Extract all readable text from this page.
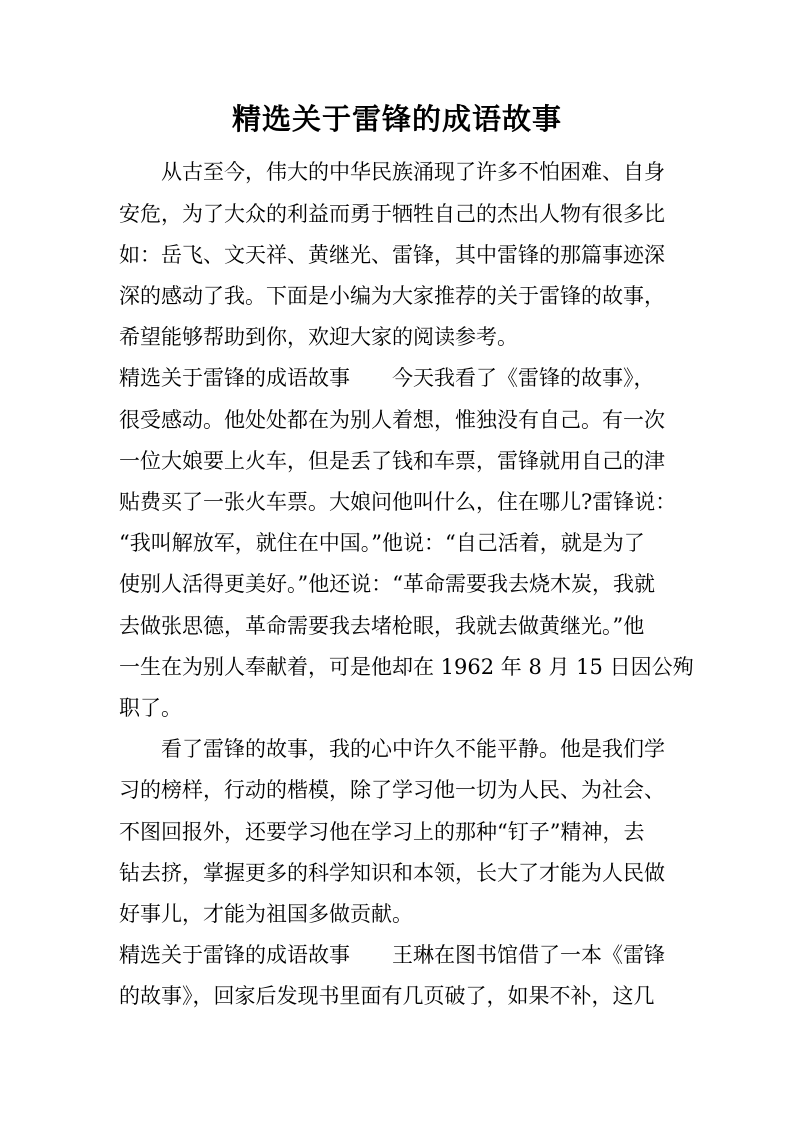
精选关于雷锋的成语故事

从古至今，伟大的中华民族涌现了许多不怕困难、自身

安危，为了大众的利益而勇于牺牲自己的杰出人物有很多比

如：岳飞、文天祥、黄继光、雷锋，其中雷锋的那篇事迹深

深的感动了我。下面是小编为大家推荐的关于雷锋的故事，

希望能够帮助到你，欢迎大家的阅读参考。

精选关于雷锋的成语故事　　今天我看了《雷锋的故事》，

很受感动。他处处都在为别人着想，惟独没有自己。有一次

一位大娘要上火车，但是丢了钱和车票，雷锋就用自己的津

贴费买了一张火车票。大娘问他叫什么，住在哪儿?雷锋说：

“我叫解放军，就住在中国。”他说：“自己活着，就是为了

使别人活得更美好。”他还说：“革命需要我去烧木炭，我就

去做张思德，革命需要我去堵枪眼，我就去做黄继光。”他

一生在为别人奉献着，可是他却在 1962 年 8 月 15 日因公殉

职了。

看了雷锋的故事，我的心中许久不能平静。他是我们学

习的榜样，行动的楷模，除了学习他一切为人民、为社会、

不图回报外，还要学习他在学习上的那种“钉子”精神，去

钻去挤，掌握更多的科学知识和本领，长大了才能为人民做

好事儿，才能为祖国多做贡献。

精选关于雷锋的成语故事　　王琳在图书馆借了一本《雷锋

的故事》，回家后发现书里面有几页破了，如果不补，这几
